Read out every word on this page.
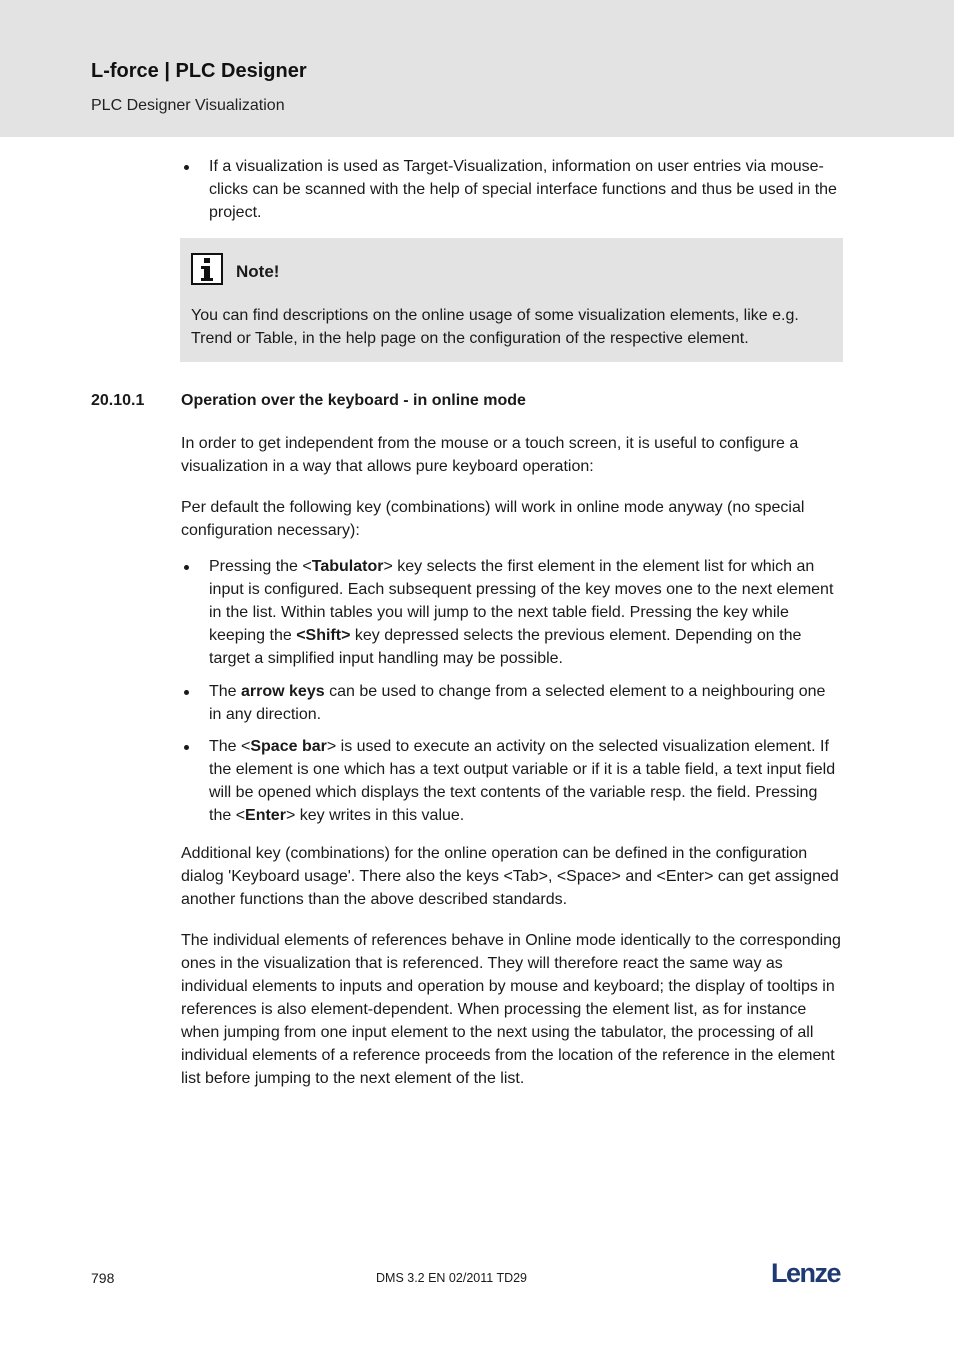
L-force | PLC Designer
PLC Designer Visualization
If a visualization is used as Target-Visualization, information on user entries via mouse-clicks can be scanned with the help of special interface functions and thus be used in the project.
Note!
You can find descriptions on the online usage of some visualization elements, like e.g. Trend or Table, in the help page on the configuration of the respective element.
20.10.1 Operation over the keyboard - in online mode

In order to get independent from the mouse or a touch screen, it is useful to configure a visualization in a way that allows pure keyboard operation:

Per default the following key (combinations) will work in online mode anyway (no special configuration necessary):

Pressing the <Tabulator> key selects the first element in the element list for which an input is configured. Each subsequent pressing of the key moves one to the next element in the list. Within tables you will jump to the next table field. Pressing the key while keeping the <Shift> key depressed selects the previous element. Depending on the target a simplified input handling may be possible.
The arrow keys can be used to change from a selected element to a neighbouring one in any direction.
The <Space bar> is used to execute an activity on the selected visualization element. If the element is one which has a text output variable or if it is a table field, a text input field will be opened which displays the text contents of the variable resp. the field. Pressing the <Enter> key writes in this value.

Additional key (combinations) for the online operation can be defined in the configuration dialog 'Keyboard usage'. There also the keys <Tab>, <Space> and <Enter> can get assigned another functions than the above described standards.

The individual elements of references behave in Online mode identically to the corresponding ones in the visualization that is referenced. They will therefore react the same way as individual elements to inputs and operation by mouse and keyboard; the display of tooltips in references is also element-dependent. When processing the element list, as for instance when jumping from one input element to the next using the tabulator, the processing of all individual elements of a reference proceeds from the location of the reference in the element list before jumping to the next element of the list.

798	DMS 3.2 EN 02/2011 TD29	Lenze
